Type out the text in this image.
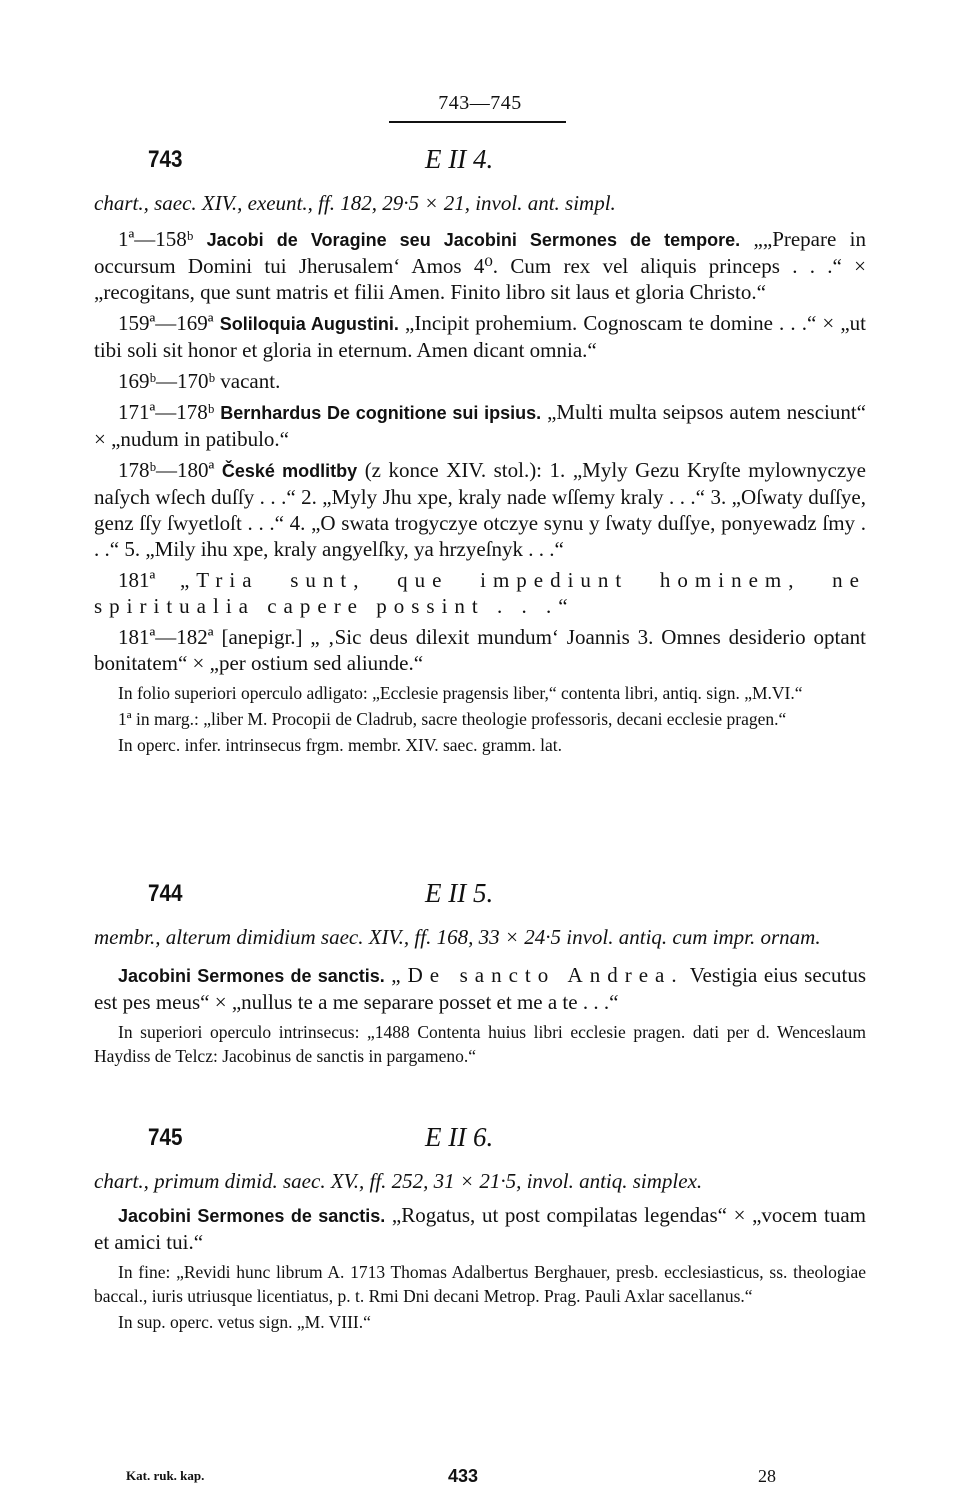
743—745
743	E II 4.
chart., saec. XIV., exeunt., ff. 182, 29·5 × 21, invol. ant. simpl.

1ª—158ᵇ Jacobi de Voragine seu Jacobini Sermones de tempore. „„Prepare in occursum Domini tui Jherusalem‘ Amos 4⁰. Cum rex vel aliquis princeps . . .“ × „recogitans, que sunt matris et filii Amen. Finito libro sit laus et gloria Christo.“

159ª—169ª Soliloquia Augustini. „Incipit prohemium. Cognoscam te domine . . .“ × „ut tibi soli sit honor et gloria in eternum. Amen dicant omnia.“

169ᵇ—170ᵇ vacant.

171ª—178ᵇ Bernhardus De cognitione sui ipsius. „Multi multa seipsos autem nesciunt“ × „nudum in patibulo.“

178ᵇ—180ª České modlitby (z konce XIV. stol.): 1. „Myly Gezu Kryſte mylownyczye naſych wſech duſſy . . .“ 2. „Myly Jhu xpe, kraly nade wſſemy kraly . . .“ 3. „Oſwaty duſſye, genz ſſy ſwyetloſt . . .“ 4. „O swata trogyczye otczye synu y ſwaty duſſye, ponyewadz ſmy . . .“ 5. „Mily ihu xpe, kraly angyelſky, ya hrzyeſnyk . . .“

181ª „Tria sunt, que impediunt hominem, ne spiritualia capere possint . . .“

181ª—182ª [anepigr.] „ ‚Sic deus dilexit mundum‘ Joannis 3. Omnes desiderio optant bonitatem“ × „per ostium sed aliunde.“

In folio superiori operculo adligato: „Ecclesie pragensis liber,“ contenta libri, antiq. sign. „M.VI.“

1ª in marg.: „liber M. Procopii de Cladrub, sacre theologie professoris, decani ecclesie pragen.“

In operc. infer. intrinsecus frgm. membr. XIV. saec. gramm. lat.

744	E II 5.
membr., alterum dimidium saec. XIV., ff. 168, 33 × 24·5 invol. antiq. cum impr. ornam.

Jacobini Sermones de sanctis. „De sancto Andrea. Vestigia eius secutus est pes meus“ × „nullus te a me separare posset et me a te . . .“

In superiori operculo intrinsecus: „1488 Contenta huius libri ecclesie pragen. dati per d. Wenceslaum Haydiss de Telcz: Jacobinus de sanctis in pargameno.“

745	E II 6.
chart., primum dimid. saec. XV., ff. 252, 31 × 21·5, invol. antiq. simplex.

Jacobini Sermones de sanctis. „Rogatus, ut post compilatas legendas“ × „vocem tuam et amici tui.“

In fine: „Revidi hunc librum A. 1713 Thomas Adalbertus Berghauer, presb. ecclesiasticus, ss. theologiae baccal., iuris utriusque licentiatus, p. t. Rmi Dni decani Metrop. Prag. Pauli Axlar sacellanus.“

In sup. operc. vetus sign. „M. VIII.“

Kat. ruk. kap.	433	28
